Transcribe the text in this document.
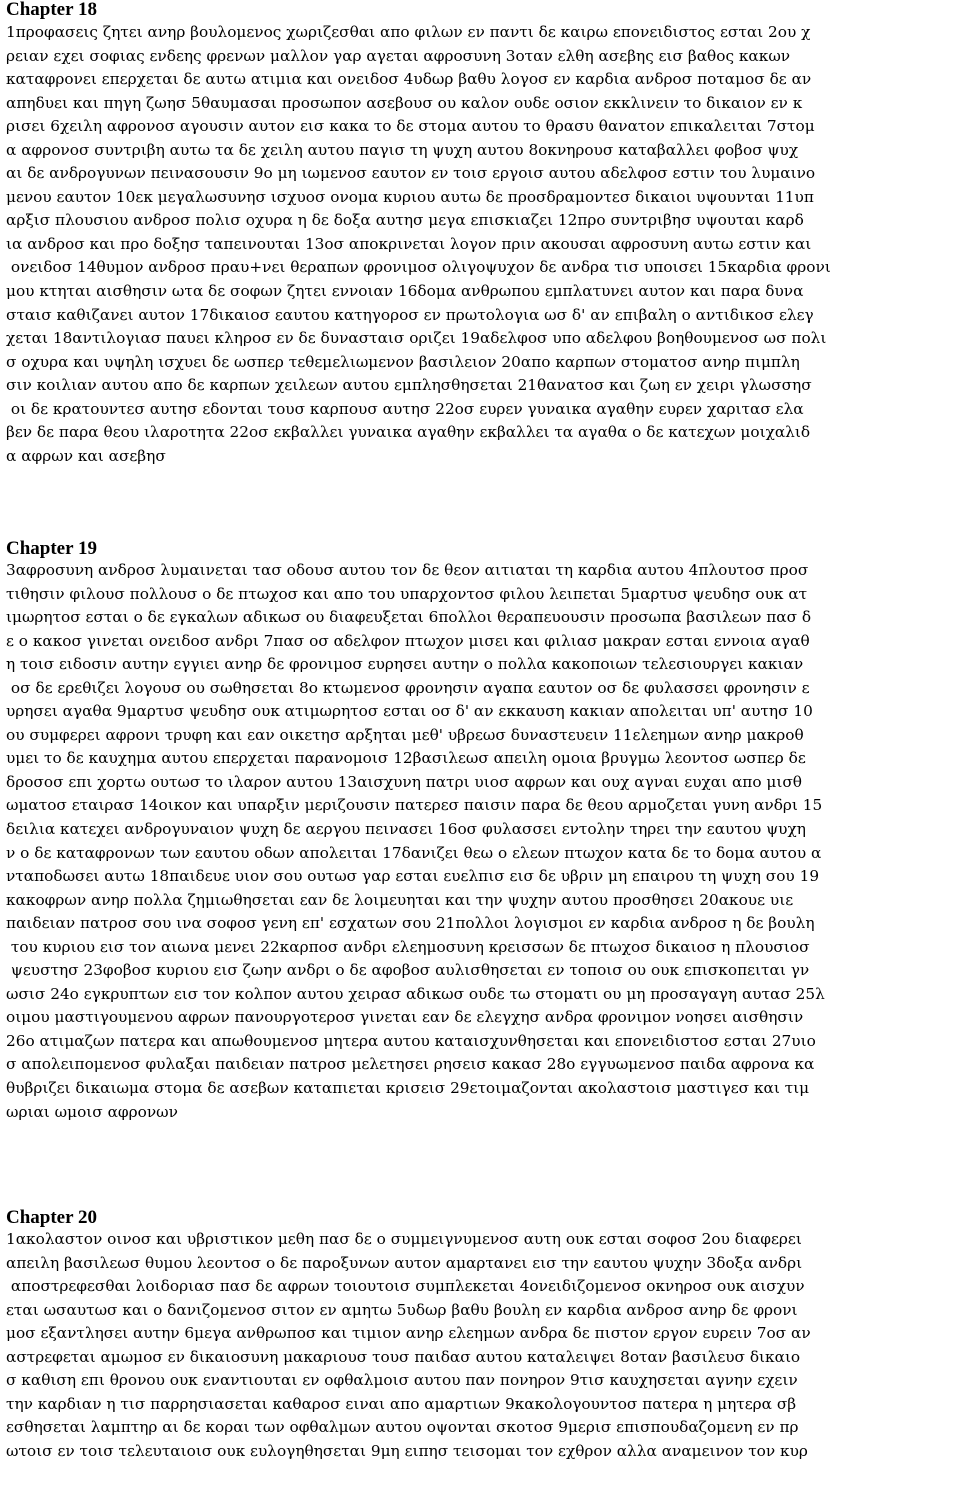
Chapter 18
1προφασεις ζητει ανηρ βουλομενος χωριζεσθαι απο φιλων εν παντι δε καιρω επονειδιστος εσται 2ου χ
ρειαν εχει σοφιας ενδεης φρενων μαλλον γαρ αγεται αφροσυνη 3οταν ελθη ασεβης εισ βαθος κακων
καταφρονει επερχεται δε αυτω ατιμια και ονειδοσ 4υδωρ βαθυ λογοσ εν καρδια ανδροσ ποταμοσ δε αν
απηδυει και πηγη ζωησ 5θαυμασαι προσωπον ασεβουσ ου καλον ουδε οσιον εκκλινειν το δικαιον εν κ
ρισει 6χειλη αφρονοσ αγουσιν αυτον εισ κακα το δε στομα αυτου το θρασυ θανατον επικαλειται 7στομ
α αφρονοσ συντριβη αυτω τα δε χειλη αυτου παγισ τη ψυχη αυτου 8οκνηρουσ καταβαλλει φοβοσ ψυχ
αι δε ανδρογυνων πεινασουσιν 9ο μη ιωμενοσ εαυτον εν τοισ εργοισ αυτου αδελφοσ εστιν του λυμαινο
μενου εαυτον 10εκ μεγαλωσυνησ ισχυοσ ονομα κυριου αυτω δε προσδραμοντεσ δικαιοι υψουνται 11υπ
αρξισ πλουσιου ανδροσ πολισ οχυρα η δε δοξα αυτησ μεγα επισκιαζει 12προ συντριβησ υψουται καρδ
ια ανδροσ και προ δοξησ ταπεινουται 13οσ αποκρινεται λογον πριν ακουσαι αφροσυνη αυτω εστιν και
ονειδοσ 14θυμον ανδροσ πραυ+νει θεραπων φρονιμοσ ολιγοψυχον δε ανδρα τισ υποισει 15καρδια φρονι
μου κτηται αισθησιν ωτα δε σοφων ζητει εννοιαν 16δομα ανθρωπου εμπλατυνει αυτον και παρα δυνα
σταισ καθιζανει αυτον 17δικαιοσ εαυτου κατηγοροσ εν πρωτολογια ωσ δ' αν επιβαλη ο αντιδικοσ ελεγ
χεται 18αντιλογιασ παυει κληροσ εν δε δυνασταισ οριζει 19αδελφοσ υπο αδελφου βοηθουμενοσ ωσ πολι
σ οχυρα και υψηλη ισχυει δε ωσπερ τεθεμελιωμενον βασιλειον 20απο καρπων στοματοσ ανηρ πιμπλη
σιν κοιλιαν αυτου απο δε καρπων χειλεων αυτου εμπλησθησεται 21θανατοσ και ζωη εν χειρι γλωσσησ
οι δε κρατουντεσ αυτησ εδονται τουσ καρπουσ αυτησ 22οσ ευρεν γυναικα αγαθην ευρεν χαριτασ ελα
βεν δε παρα θεου ιλαροτητα 22οσ εκβαλλει γυναικα αγαθην εκβαλλει τα αγαθα ο δε κατεχων μοιχαλιδ
α αφρων και ασεβησ
Chapter 19
3αφροσυνη ανδροσ λυμαινεται τασ οδουσ αυτου τον δε θεον αιτιαται τη καρδια αυτου 4πλουτοσ προσ
τιθησιν φιλουσ πολλουσ ο δε πτωχοσ και απο του υπαρχοντοσ φιλου λειπεται 5μαρτυσ ψευδησ ουκ ατ
ιμωρητοσ εσται ο δε εγκαλων αδικωσ ου διαφευξεται 6πολλοι θεραπευουσιν προσωπα βασιλεων πασ δ
ε ο κακοσ γινεται ονειδοσ ανδρι 7πασ οσ αδελφον πτωχον μισει και φιλιασ μακραν εσται εννοια αγαθ
η τοισ ειδοσιν αυτην εγγιει ανηρ δε φρονιμοσ ευρησει αυτην ο πολλα κακοποιων τελεσιουργει κακιαν
οσ δε ερεθιζει λογουσ ου σωθησεται 8ο κτωμενοσ φρονησιν αγαπα εαυτον οσ δε φυλασσει φρονησιν ε
υρησει αγαθα 9μαρτυσ ψευδησ ουκ ατιμωρητοσ εσται οσ δ' αν εκκαυση κακιαν απολειται υπ' αυτησ 10
ου συμφερει αφρονι τρυφη και εαν οικετησ αρξηται μεθ' υβρεωσ δυναστευειν 11ελεημων ανηρ μακροθ
υμει το δε καυχημα αυτου επερχεται παρανομοισ 12βασιλεωσ απειλη ομοια βρυγμω λεοντοσ ωσπερ δε
δροσοσ επι χορτω ουτωσ το ιλαρον αυτου 13αισχυνη πατρι υιοσ αφρων και ουχ αγναι ευχαι απο μισθ
ωματοσ εταιρασ 14οικον και υπαρξιν μεριζουσιν πατερεσ παισιν παρα δε θεου αρμοζεται γυνη ανδρι 15
δειλια κατεχει ανδρογυναιον ψυχη δε αεργου πεινασει 16οσ φυλασσει εντολην τηρει την εαυτου ψυχη
ν ο δε καταφρονων των εαυτου οδων απολειται 17δανιζει θεω ο ελεων πτωχον κατα δε το δομα αυτου α
νταποδωσει αυτω 18παιδευε υιον σου ουτωσ γαρ εσται ευελπισ εισ δε υβριν μη επαιρου τη ψυχη σου 19
κακοφρων ανηρ πολλα ζημιωθησεται εαν δε λοιμευηται και την ψυχην αυτου προσθησει 20ακουε υιε
παιδειαν πατροσ σου ινα σοφοσ γενη επ' εσχατων σου 21πολλοι λογισμοι εν καρδια ανδροσ η δε βουλη
του κυριου εισ τον αιωνα μενει 22καρποσ ανδρι ελεημοσυνη κρεισσων δε πτωχοσ δικαιοσ η πλουσιοσ
ψευστησ 23φοβοσ κυριου εισ ζωην ανδρι ο δε αφοβοσ αυλισθησεται εν τοποισ ου ουκ επισκοπειται γν
ωσισ 24ο εγκρυπτων εισ τον κολπον αυτου χειρασ αδικωσ ουδε τω στοματι ου μη προσαγαγη αυτασ 25λ
οιμου μαστιγουμενου αφρων πανουργοτεροσ γινεται εαν δε ελεγχησ ανδρα φρονιμον νοησει αισθησιν
26ο ατιμαζων πατερα και απωθουμενοσ μητερα αυτου καταισχυνθησεται και επονειδιστοσ εσται 27υιο
σ απολειπομενοσ φυλαξαι παιδειαν πατροσ μελετησει ρησεισ κακασ 28ο εγγυωμενοσ παιδα αφρονα κα
θυβριζει δικαιωμα στομα δε ασεβων καταπιεται κρισεισ 29ετοιμαζονται ακολαστοισ μαστιγεσ και τιμ
ωριαι ωμοισ αφρονων
Chapter 20
1ακολαστον οινοσ και υβριστικον μεθη πασ δε ο συμμειγνυμενοσ αυτη ουκ εσται σοφοσ 2ου διαφερει
απειλη βασιλεωσ θυμου λεοντοσ ο δε παροξυνων αυτον αμαρτανει εισ την εαυτου ψυχην 3δοξα ανδρι
αποστρεφεσθαι λοιδοριασ πασ δε αφρων τοιουτοισ συμπλεκεται 4ονειδιζομενοσ οκνηροσ ουκ αισχυν
εται ωσαυτωσ και ο δανιζομενοσ σιτον εν αμητω 5υδωρ βαθυ βουλη εν καρδια ανδροσ ανηρ δε φρονι
μοσ εξαντλησει αυτην 6μεγα ανθρωποσ και τιμιον ανηρ ελεημων ανδρα δε πιστον εργον ευρειν 7οσ αν
αστρεφεται αμωμοσ εν δικαιοσυνη μακαριουσ τουσ παιδασ αυτου καταλειψει 8οταν βασιλευσ δικαιο
σ καθιση επι θρονου ουκ εναντιουται εν οφθαλμοισ αυτου παν πονηρον 9τισ καυχησεται αγνην εχειν
την καρδιαν η τισ παρρησιασεται καθαροσ ειναι απο αμαρτιων 9κακολογουντοσ πατερα η μητερα σβ
εσθησεται λαμπτηρ αι δε κοραι των οφθαλμων αυτου οψονται σκοτοσ 9μερισ επισπουδαζομενη εν πρ
ωτοισ εν τοισ τελευταιοισ ουκ ευλογηθησεται 9μη ειπησ τεισομαι τον εχθρον αλλα αναμεινον τον κυρ
